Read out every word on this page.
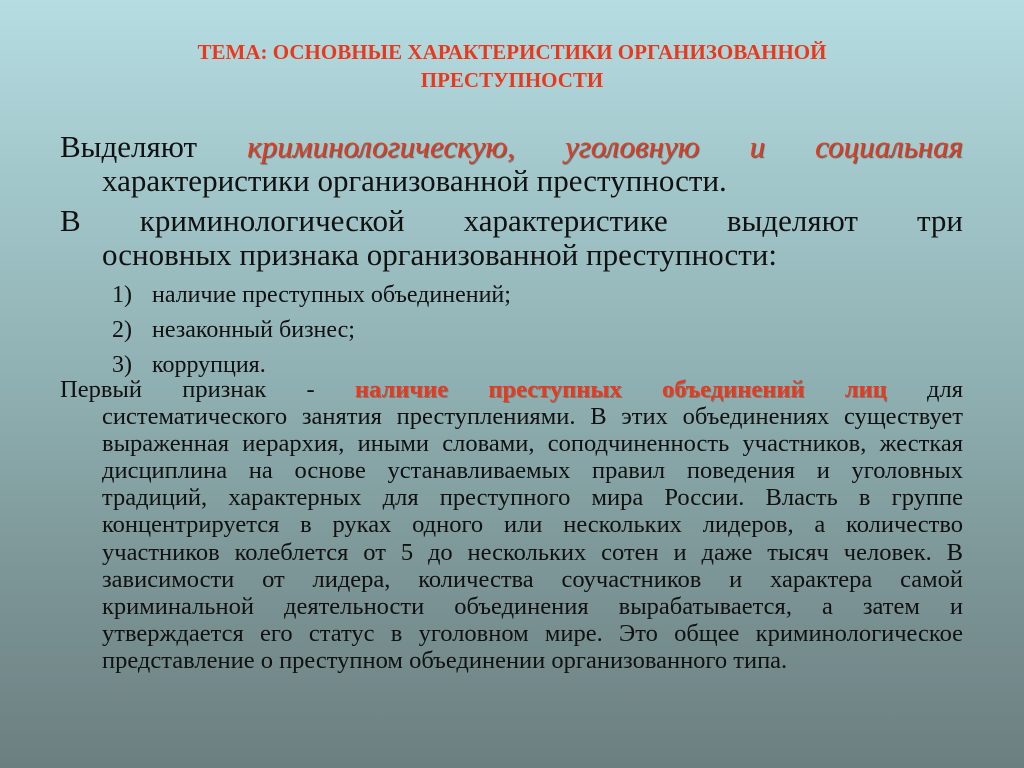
ТЕМА: ОСНОВНЫЕ ХАРАКТЕРИСТИКИ ОРГАНИЗОВАННОЙ
ПРЕСТУПНОСТИ
Выделяют криминологическую, уголовную и социальная
характеристики организованной преступности.
В криминологической характеристике выделяют три
основных признака организованной преступности:
1) наличие преступных объединений;
2) незаконный бизнес;
3) коррупция.
Первый признак - наличие преступных объединений лиц для
систематического занятия преступлениями. В этих объединениях существует выраженная иерархия, иными словами, соподчиненность участников, жесткая дисциплина на основе устанавливаемых правил поведения и уголовных традиций, характерных для преступного мира России. Власть в группе концентрируется в руках одного или нескольких лидеров, а количество участников колеблется от 5 до нескольких сотен и даже тысяч человек. В зависимости от лидера, количества соучастников и характера самой криминальной деятельности объединения вырабатывается, а затем и утверждается его статус в уголовном мире. Это общее криминологическое представление о преступном объединении организованного типа.
